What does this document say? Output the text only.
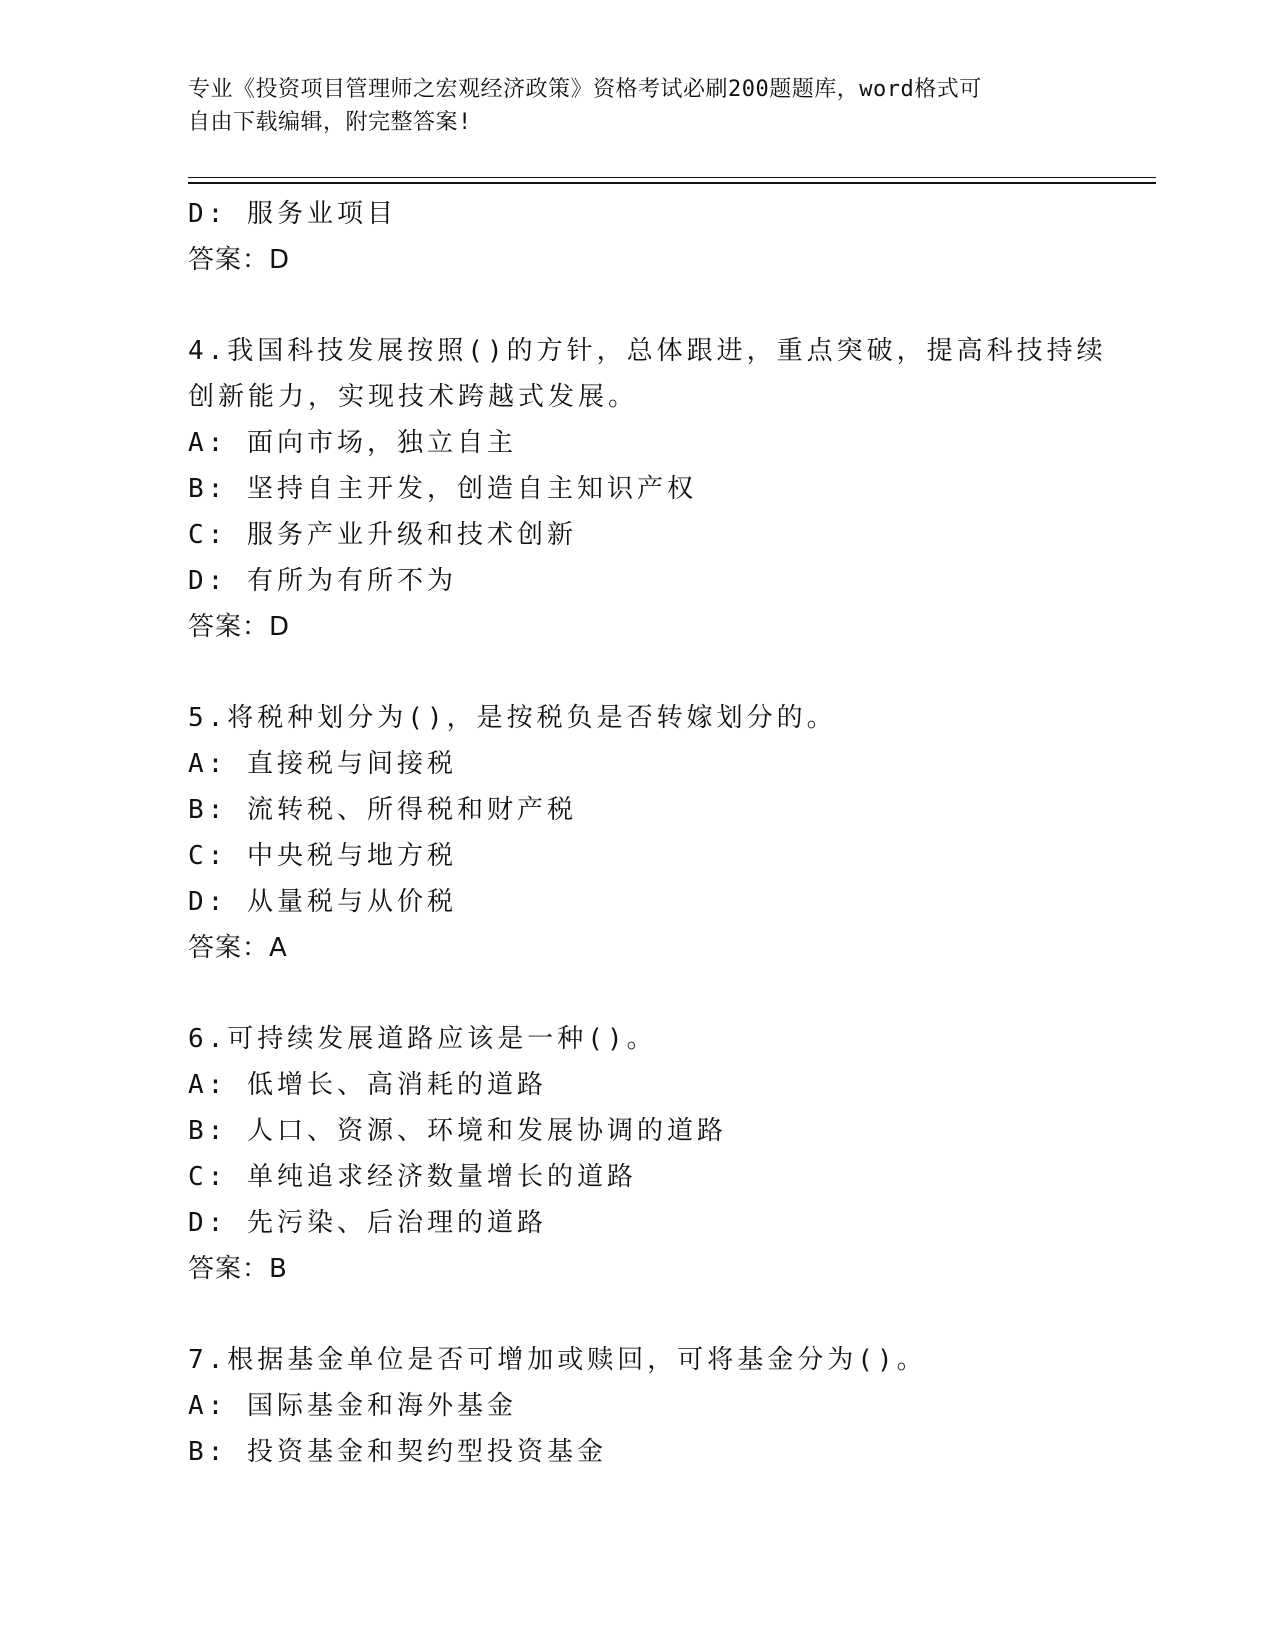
专业《投资项目管理师之宏观经济政策》资格考试必刷200题题库，word格式可
自由下载编辑，附完整答案!
D: 服务业项目
答案：D
4.我国科技发展按照()的方针，总体跟进，重点突破，提高科技持续
创新能力，实现技术跨越式发展。
A: 面向市场，独立自主
B: 坚持自主开发，创造自主知识产权
C: 服务产业升级和技术创新
D: 有所为有所不为
答案：D
5.将税种划分为()，是按税负是否转嫁划分的。
A: 直接税与间接税
B: 流转税、所得税和财产税
C: 中央税与地方税
D: 从量税与从价税
答案：A
6.可持续发展道路应该是一种()。
A: 低增长、高消耗的道路
B: 人口、资源、环境和发展协调的道路
C: 单纯追求经济数量增长的道路
D: 先污染、后治理的道路
答案：B
7.根据基金单位是否可增加或赎回，可将基金分为()。
A: 国际基金和海外基金
B: 投资基金和契约型投资基金
